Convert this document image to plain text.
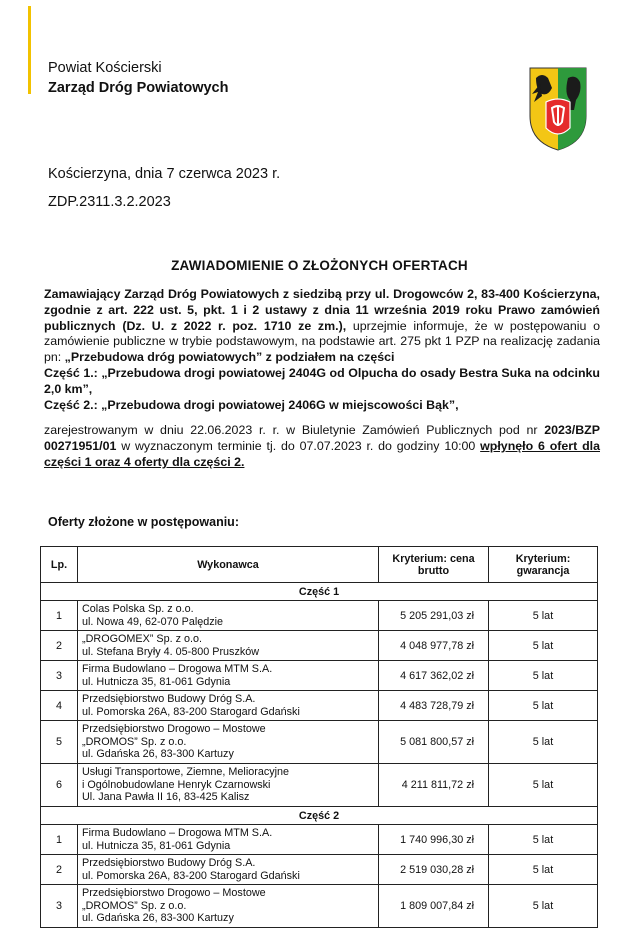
Powiat Kościerski
Zarząd Dróg Powiatowych
Kościerzyna, dnia 7 czerwca 2023 r.
ZDP.2311.3.2.2023
ZAWIADOMIENIE O ZŁOŻONYCH OFERTACH

Zamawiający Zarząd Dróg Powiatowych z siedzibą przy ul. Drogowców 2, 83-400 Kościerzyna, zgodnie z art. 222 ust. 5, pkt. 1 i 2 ustawy z dnia 11 września 2019 roku Prawo zamówień publicznych (Dz. U. z 2022 r. poz. 1710 ze zm.), uprzejmie informuje, że w postępowaniu o zamówienie publiczne w trybie podstawowym, na podstawie art. 275 pkt 1 PZP na realizację zadania pn: „Przebudowa dróg powiatowych” z podziałem na części
Część 1.: „Przebudowa drogi powiatowej 2404G od Olpucha do osady Bestra Suka na odcinku 2,0 km”,
Część 2.: „Przebudowa drogi powiatowej 2406G w miejscowości Bąk”,

zarejestrowanym w dniu 22.06.2023 r. r. w Biuletynie Zamówień Publicznych pod nr 2023/BZP 00271951/01 w wyznaczonym terminie tj. do 07.07.2023 r. do godziny 10:00 wpłynęło 6 ofert dla części 1 oraz 4 oferty dla części 2.

Oferty złożone w postępowaniu:
Lp.	Wykonawca	Kryterium: cena brutto	Kryterium: gwarancja
Część 1			
1	Colas Polska Sp. z o.o.
ul. Nowa 49, 62-070 Palędzie	5 205 291,03 zł	5 lat
2	„DROGOMEX” Sp. z o.o.
ul. Stefana Bryły 4. 05-800 Pruszków	4 048 977,78 zł	5 lat
3	Firma Budowlano – Drogowa MTM S.A.
ul. Hutnicza 35, 81-061 Gdynia	4 617 362,02 zł	5 lat
4	Przedsiębiorstwo Budowy Dróg S.A.
ul. Pomorska 26A, 83-200 Starogard Gdański	4 483 728,79 zł	5 lat
5	Przedsiębiorstwo Drogowo – Mostowe
„DROMOS” Sp. z o.o.
ul. Gdańska 26, 83-300 Kartuzy	5 081 800,57 zł	5 lat
6	Usługi Transportowe, Ziemne, Melioracyjne
i Ogólnobudowlane Henryk Czarnowski
Ul. Jana Pawła II 16, 83-425 Kalisz	4 211 811,72 zł	5 lat
Część 2			
1	Firma Budowlano – Drogowa MTM S.A.
ul. Hutnicza 35, 81-061 Gdynia	1 740 996,30 zł	5 lat
2	Przedsiębiorstwo Budowy Dróg S.A.
ul. Pomorska 26A, 83-200 Starogard Gdański	2 519 030,28 zł	5 lat
3	Przedsiębiorstwo Drogowo – Mostowe
„DROMOS” Sp. z o.o.
ul. Gdańska 26, 83-300 Kartuzy	1 809 007,84 zł	5 lat
